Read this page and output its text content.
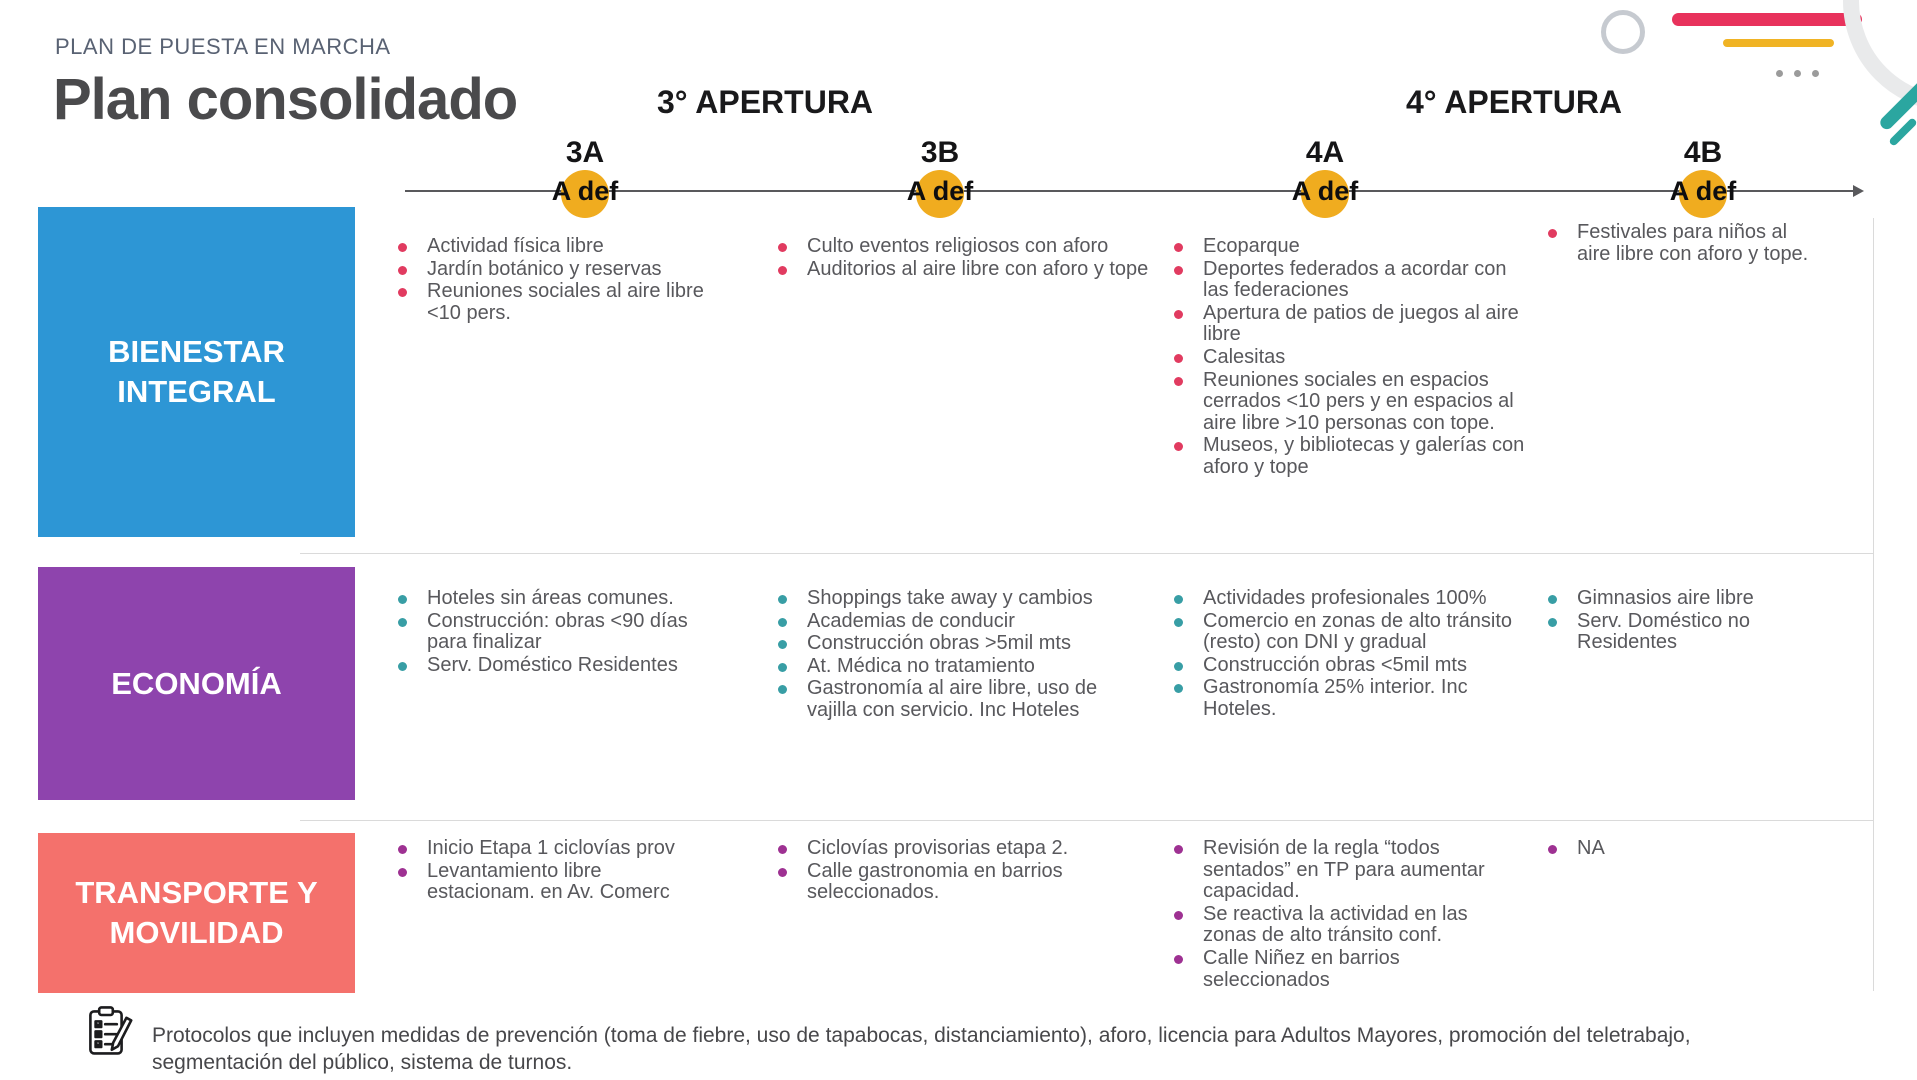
PLAN DE PUESTA EN MARCHA
Plan consolidado	3° APERTURA	4° APERTURA
3A
A def
3B
A def
4A
A def
4B
A def
BIENESTAR INTEGRAL
ECONOMÍA
TRANSPORTE Y MOVILIDAD
Actividad física libre
Jardín botánico y reservas
Reuniones sociales al aire libre <10 pers.
Culto eventos religiosos con aforo
Auditorios al aire libre con aforo y tope
Ecoparque
Deportes federados a acordar con las federaciones
Apertura de patios de juegos al aire libre
Calesitas
Reuniones sociales en espacios cerrados <10 pers y en espacios al aire libre >10 personas con tope.
Museos, y bibliotecas y galerías con aforo y tope
Festivales para niños al aire libre con aforo y tope.
Hoteles sin áreas comunes.
Construcción: obras <90 días para finalizar
Serv. Doméstico Residentes
Shoppings take away y cambios
Academias de conducir
Construcción obras >5mil mts
At. Médica no tratamiento
Gastronomía al aire libre, uso de vajilla con servicio. Inc Hoteles
Actividades profesionales 100%
Comercio en zonas de alto tránsito (resto) con DNI y gradual
Construcción obras <5mil mts
Gastronomía 25% interior. Inc Hoteles.
Gimnasios aire libre
Serv. Doméstico no Residentes
Inicio Etapa 1 ciclovías prov
Levantamiento libre estacionam. en Av. Comerc
Ciclovías provisorias etapa 2.
Calle gastronomia en barrios seleccionados.
Revisión de la regla “todos sentados” en TP para aumentar capacidad.
Se reactiva la actividad en las zonas de alto tránsito conf.
Calle Niñez en barrios seleccionados
NA
Protocolos que incluyen medidas de prevención (toma de fiebre, uso de tapabocas, distanciamiento), aforo, licencia para Adultos Mayores, promoción del teletrabajo, segmentación del público, sistema de turnos.
